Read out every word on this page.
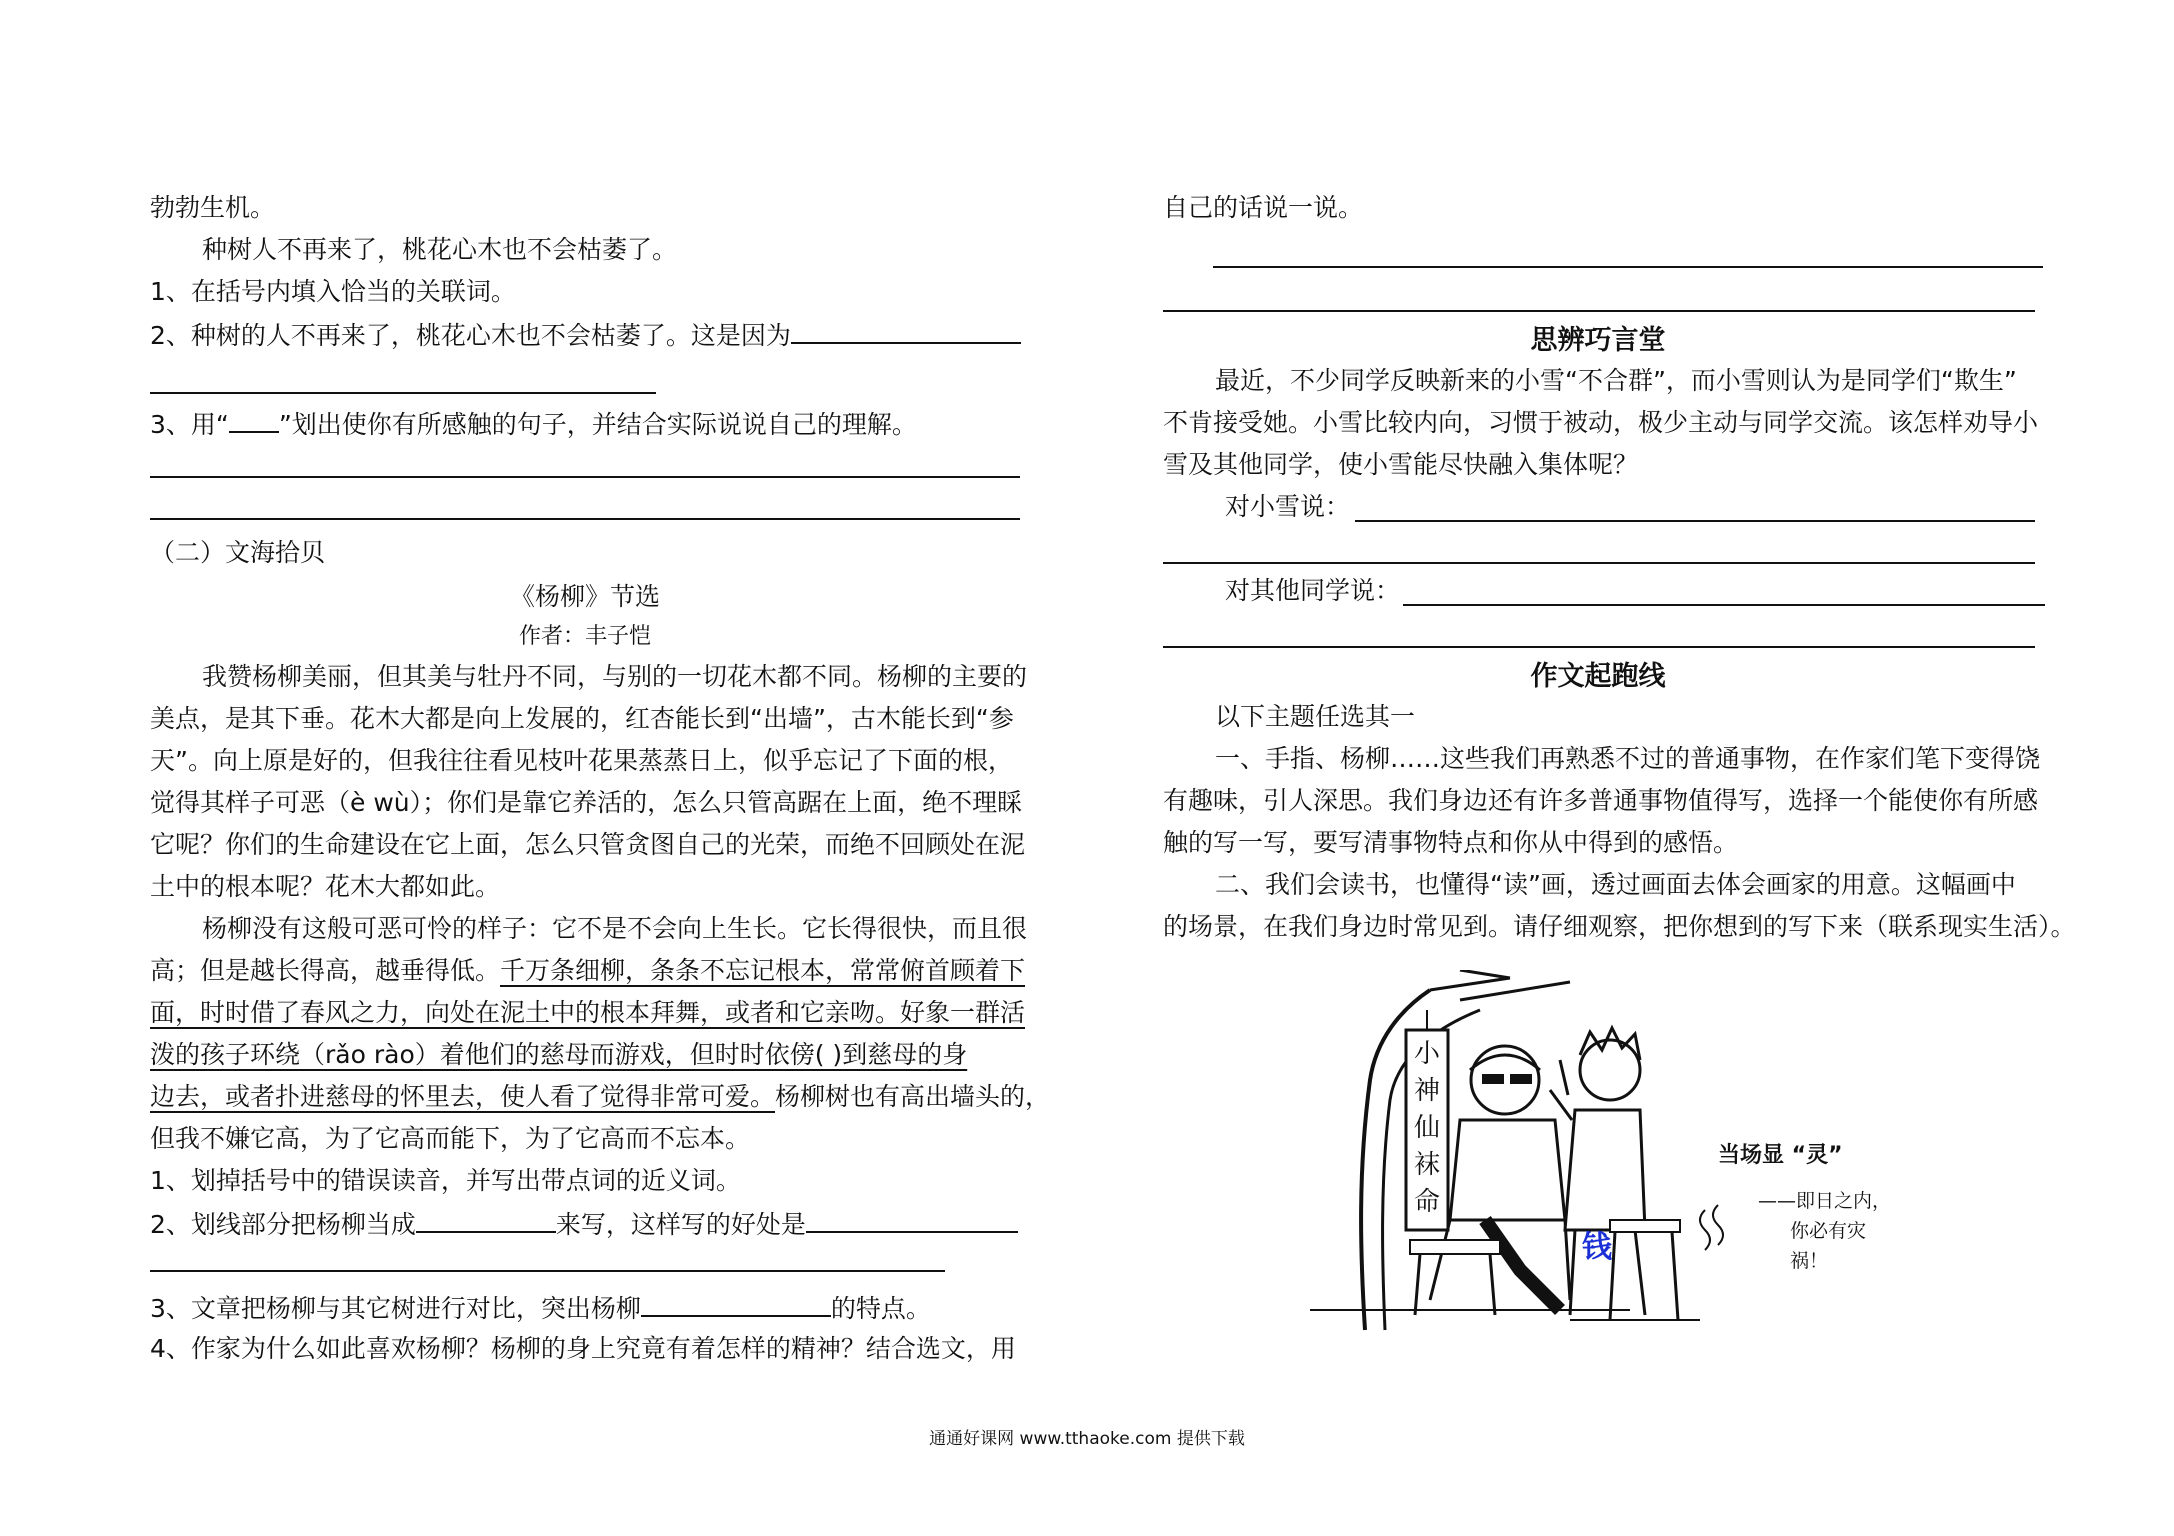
勃勃生机。
种树人不再来了，桃花心木也不会枯萎了。
1、在括号内填入恰当的关联词。
2、种树的人不再来了，桃花心木也不会枯萎了。这是因为
3、用“ ”划出使你有所感触的句子，并结合实际说说自己的理解。
（二）文海拾贝
《杨柳》节选
作者：丰子恺
我赞杨柳美丽，但其美与牡丹不同，与别的一切花木都不同。杨柳的主要的
美点，是其下垂。花木大都是向上发展的，红杏能长到“出墙”，古木能长到“参
天”。向上原是好的，但我往往看见枝叶花果蒸蒸日上，似乎忘记了下面的根，
觉得其样子可恶（è wù）；你们是靠它养活的，怎么只管高踞在上面，绝不理睬
它呢？你们的生命建设在它上面，怎么只管贪图自己的光荣，而绝不回顾处在泥
土中的根本呢？花木大都如此。
杨柳没有这般可恶可怜的样子：它不是不会向上生长。它长得很快，而且很
高；但是越长得高，越垂得低。千万条细柳，条条不忘记根本，常常俯首顾着下
面，时时借了春风之力，向处在泥土中的根本拜舞，或者和它亲吻。好象一群活
泼的孩子环绕（rǎo rào）着他们的慈母而游戏，但时时依傍( )到慈母的身
边去，或者扑进慈母的怀里去，使人看了觉得非常可爱。杨柳树也有高出墙头的，
但我不嫌它高，为了它高而能下，为了它高而不忘本。
1、划掉括号中的错误读音，并写出带点词的近义词。
2、划线部分把杨柳当成	来写，这样写的好处是
3、文章把杨柳与其它树进行对比，突出杨柳	的特点。
4、作家为什么如此喜欢杨柳？杨柳的身上究竟有着怎样的精神？结合选文，用
自己的话说一说。
思辨巧言堂
最近，不少同学反映新来的小雪“不合群”，而小雪则认为是同学们“欺生”
不肯接受她。小雪比较内向，习惯于被动，极少主动与同学交流。该怎样劝导小
雪及其他同学，使小雪能尽快融入集体呢？
对小雪说：
对其他同学说：
作文起跑线
以下主题任选其一
一、手指、杨柳……这些我们再熟悉不过的普通事物，在作家们笔下变得饶
有趣味，引人深思。我们身边还有许多普通事物值得写，选择一个能使你有所感
触的写一写，要写清事物特点和你从中得到的感悟。
二、我们会读书，也懂得“读”画，透过画面去体会画家的用意。这幅画中
的场景，在我们身边时常见到。请仔细观察，把你想到的写下来（联系现实生活）。
小
神
仙
袜
命
钱
当场显 “灵”
——即日之内，
你必有灾
祸！
通通好课网 www.tthaoke.com 提供下载
